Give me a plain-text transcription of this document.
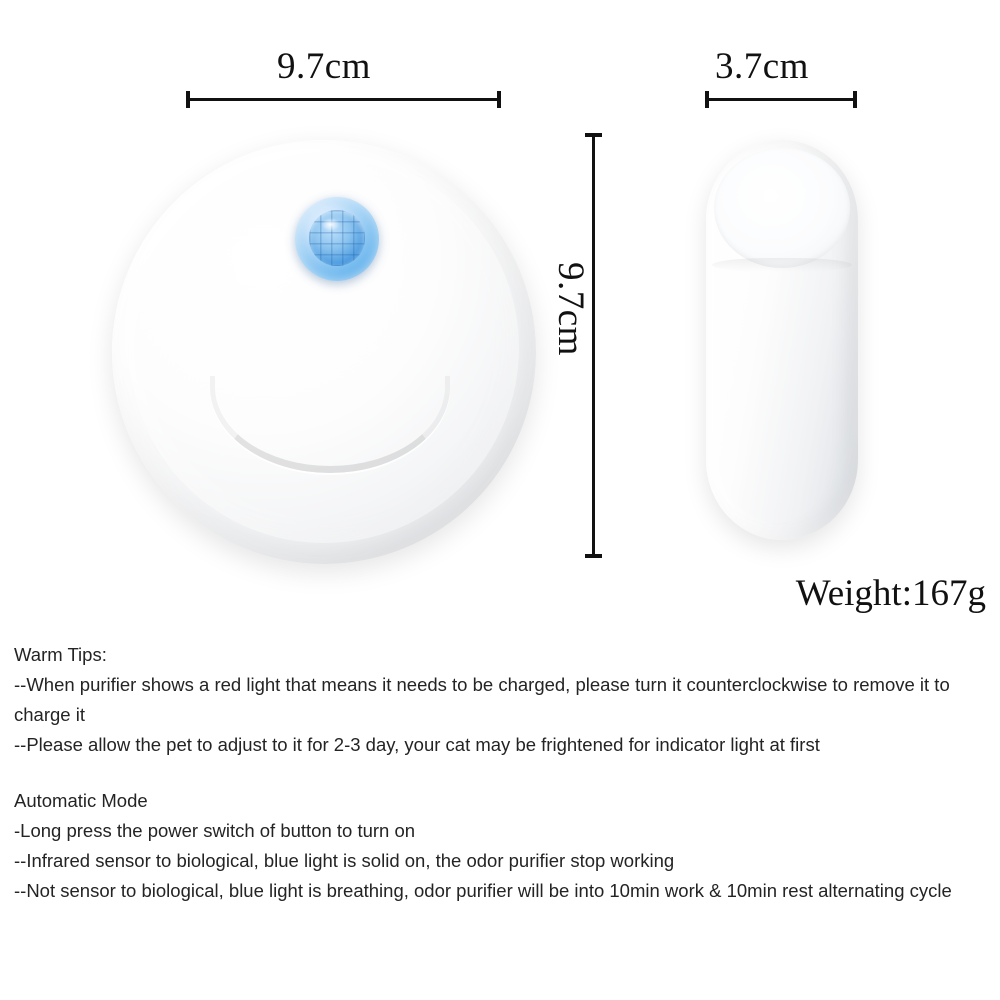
9.7cm	3.7cm
9.7cm
Weight:167g

Warm Tips:

--When purifier shows a red light that means it needs to be charged, please turn it counterclockwise to remove it to charge it

--Please allow the pet to adjust to it for 2-3 day, your cat may be frightened for indicator light at first

Automatic Mode

-Long press the power switch of button to turn on

--Infrared sensor to biological, blue light is solid on, the odor purifier stop working

--Not sensor to biological, blue light is breathing, odor purifier will be into 10min work & 10min rest alternating cycle
